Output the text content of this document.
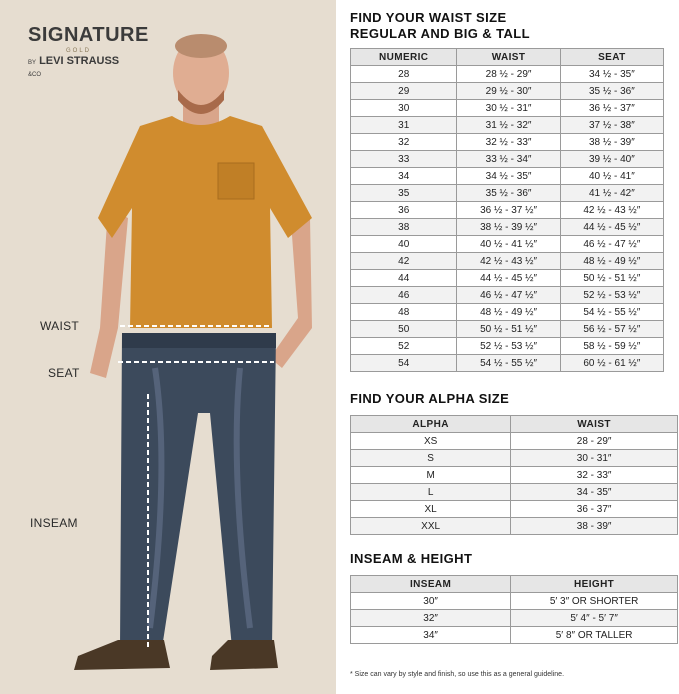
SIGNATURE
GOLD
BY LEVI STRAUSS &CO
WAIST
SEAT
INSEAM
FIND YOUR WAIST SIZE
REGULAR AND BIG & TALL
NUMERIC	WAIST	SEAT
28	28 ½ - 29″	34 ½ - 35″
29	29 ½ - 30″	35 ½ - 36″
30	30 ½ - 31″	36 ½ - 37″
31	31 ½ - 32″	37 ½ - 38″
32	32 ½ - 33″	38 ½ - 39″
33	33 ½ - 34″	39 ½ - 40″
34	34 ½ - 35″	40 ½ - 41″
35	35 ½ - 36″	41 ½ - 42″
36	36 ½ - 37 ½″	42 ½ - 43 ½″
38	38 ½ - 39 ½″	44 ½ - 45 ½″
40	40 ½ - 41 ½″	46 ½ - 47 ½″
42	42 ½ - 43 ½″	48 ½ - 49 ½″
44	44 ½ - 45 ½″	50 ½ - 51 ½″
46	46 ½ - 47 ½″	52 ½ - 53 ½″
48	48 ½ - 49 ½″	54 ½ - 55 ½″
50	50 ½ - 51 ½″	56 ½ - 57 ½″
52	52 ½ - 53 ½″	58 ½ - 59 ½″
54	54 ½ - 55 ½″	60 ½ - 61 ½″
FIND YOUR ALPHA SIZE
ALPHA	WAIST
XS	28 - 29″
S	30 - 31″
M	32 - 33″
L	34 - 35″
XL	36 - 37″
XXL	38 - 39″
INSEAM & HEIGHT
INSEAM	HEIGHT
30″	5′ 3″ OR SHORTER
32″	5′ 4″ - 5′ 7″
34″	5′ 8″ OR TALLER
* Size can vary by style and finish, so use this as a general guideline.
